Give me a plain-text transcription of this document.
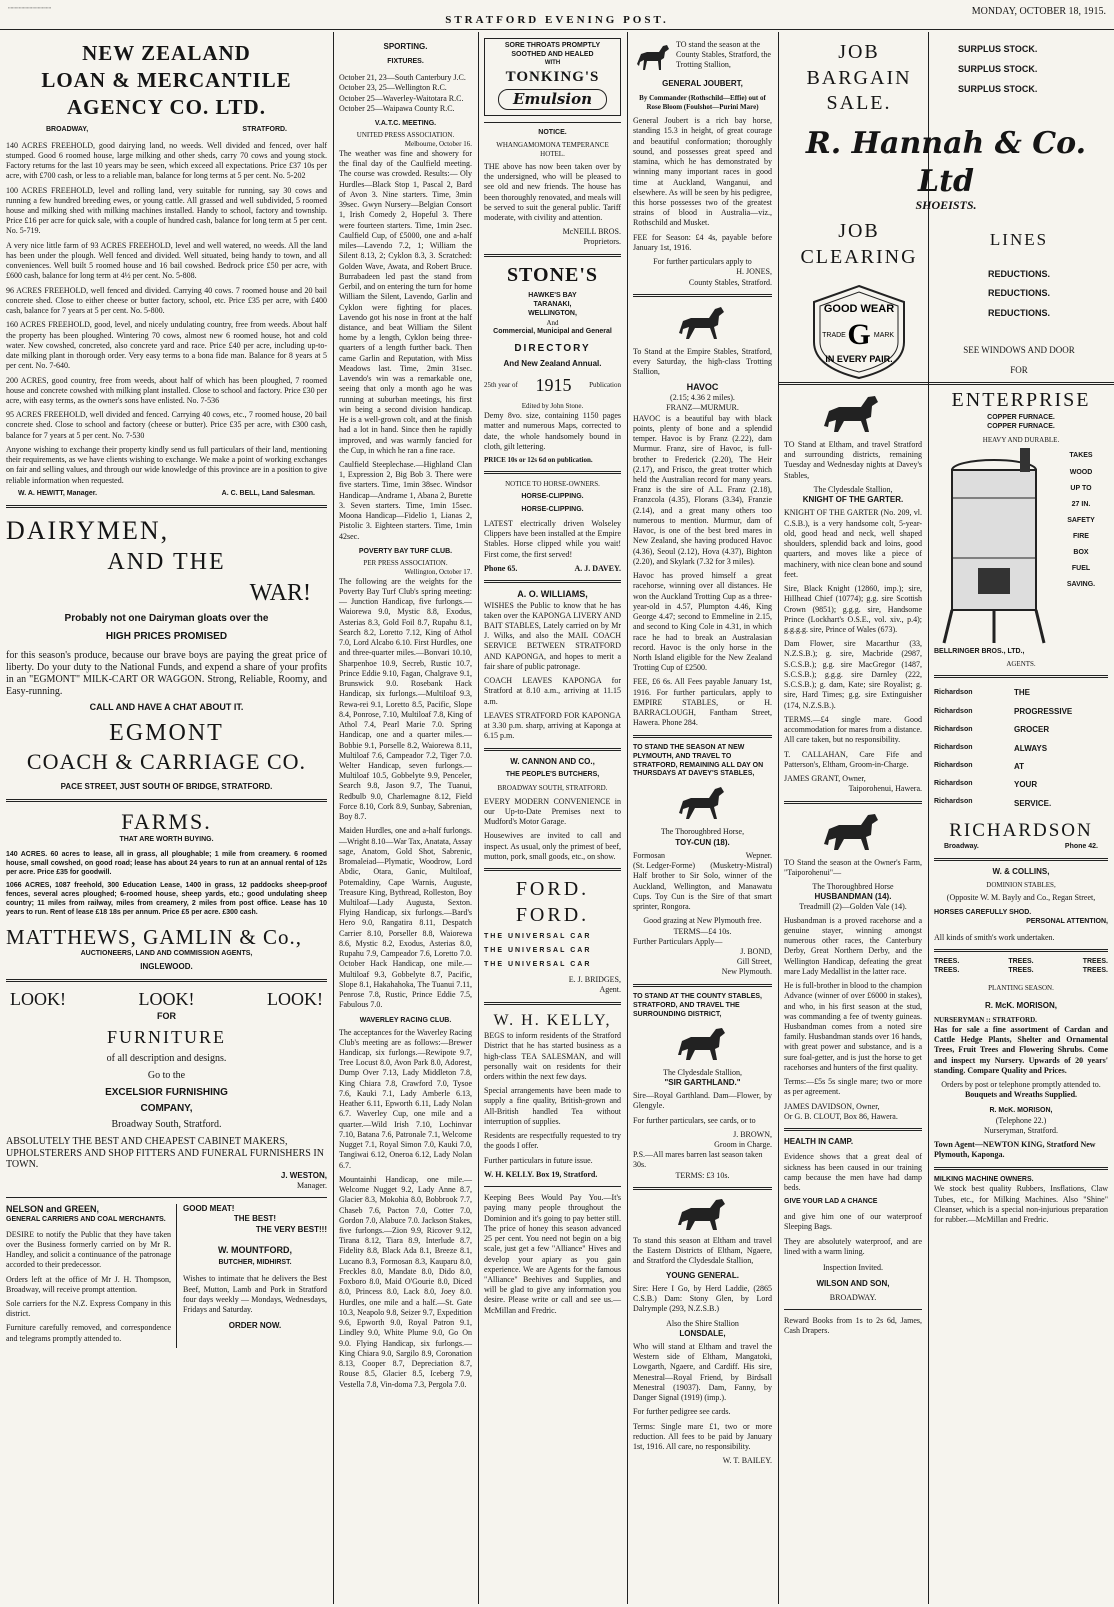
┈┈┈┈┈┈┈┈
STRATFORD EVENING POST.
MONDAY, OCTOBER 18, 1915.
NEW ZEALAND
LOAN & MERCANTILE
AGENCY CO. LTD.
BROADWAY,	STRATFORD.

140 ACRES FREEHOLD, good dairying land, no weeds. Well divided and fenced, over half stumped. Good 6 roomed house, large milking and other sheds, carry 70 cows and young stock. Factory returns for the last 10 years may be seen, which exceed all expectations. Price £37 10s per acre, with £700 cash, or less to a reliable man, balance for long terms at 5 per cent. No. 5-202

100 ACRES FREEHOLD, level and rolling land, very suitable for running, say 30 cows and running a few hundred breeding ewes, or young cattle. All grassed and well subdivided, 5 roomed house and milking shed with milking machines installed. Handy to school, factory and township. Price £16 per acre for quick sale, with a couple of hundred cash, balance for long term at 5 per cent. No. 5-719.

A very nice little farm of 93 ACRES FREEHOLD, level and well watered, no weeds. All the land has been under the plough. Well fenced and divided. Well situated, being handy to town, and all conveniences. Well built 5 roomed house and 16 bail cowshed. Bedrock price £50 per acre, with £600 cash, balance for long term at 4½ per cent. No. 5-808.

96 ACRES FREEHOLD, well fenced and divided. Carrying 40 cows. 7 roomed house and 20 bail concrete shed. Close to either cheese or butter factory, school, etc. Price £35 per acre, with £400 cash, balance for 7 years at 5 per cent. No. 5-800.

160 ACRES FREEHOLD, good, level, and nicely undulating country, free from weeds. About half the property has been ploughed. Wintering 70 cows, almost new 6 roomed house, hot and cold water. New cowshed, concreted, also concrete yard and race. Price £40 per acre, including up-to-date milking plant in thorough order. Very easy terms to a bona fide man. Balance for 8 years at 5 per cent. No. 7-640.

200 ACRES, good country, free from weeds, about half of which has been ploughed, 7 roomed house and concrete cowshed with milking plant installed. Close to school and factory. Price £30 per acre, with easy terms, as the owner's sons have enlisted. No. 7-536

95 ACRES FREEHOLD, well divided and fenced. Carrying 40 cows, etc., 7 roomed house, 20 bail concrete shed. Close to school and factory (cheese or butter). Price £35 per acre, with £300 cash, balance for 7 years at 5 per cent. No. 7-530

Anyone wishing to exchange their property kindly send us full particulars of their land, mentioning their requirements, as we have clients wishing to exchange. We make a point of working exchanges on fair and selling values, and through our wide knowledge of this province are in a position to give reliable information when requested.

W. A. HEWITT, Manager.	A. C. BELL, Land Salesman.
DAIRYMEN,
AND THE
WAR!
Probably not one Dairyman gloats over the
HIGH PRICES PROMISED

for this season's produce, because our brave boys are paying the great price of liberty. Do your duty to the National Funds, and expend a share of your profits in an "EGMONT" MILK-CART OR WAGGON. Strong, Reliable, Roomy, and Easy-running.

CALL AND HAVE A CHAT ABOUT IT.
EGMONT
COACH & CARRIAGE CO.
PACE STREET, JUST SOUTH OF BRIDGE, STRATFORD.
FARMS.
THAT ARE WORTH BUYING.

140 ACRES. 60 acres to lease, all in grass, all ploughable; 1 mile from creamery. 6 roomed house, small cowshed, on good road; lease has about 24 years to run at an annual rental of 12s per acre. Price £35 for goodwill.

1066 ACRES, 1087 freehold, 300 Education Lease, 1400 in grass, 12 paddocks sheep-proof fences, several acres ploughed; 6-roomed house, sheep yards, etc.; good undulating sheep country; 11 miles from railway, miles from creamery, 2 miles from post office. Lease has 10 years to run. Rent of lease £18 18s per annum. Price £5 per acre. £300 cash.

MATTHEWS, GAMLIN & Co.,
AUCTIONEERS, LAND AND COMMISSION AGENTS,
INGLEWOOD.
LOOK!	LOOK!	LOOK!
FOR
FURNITURE
of all description and designs.
Go to the
EXCELSIOR FURNISHING
COMPANY,
Broadway South, Stratford.
ABSOLUTELY THE BEST AND CHEAPEST CABINET MAKERS, UPHOLSTERERS AND SHOP FITTERS AND FUNERAL FURNISHERS IN TOWN.
J. WESTON,
Manager.
NELSON and GREEN,
GENERAL CARRIERS AND COAL MERCHANTS.

DESIRE to notify the Public that they have taken over the Business formerly carried on by Mr R. Handley, and solicit a continuance of the patronage accorded to their predecessor.

Orders left at the office of Mr J. H. Thompson, Broadway, will receive prompt attention.

Sole carriers for the N.Z. Express Company in this district.

Furniture carefully removed, and correspondence and telegrams promptly attended to.

GOOD MEAT!
THE BEST!
THE VERY BEST!!!
W. MOUNTFORD,
BUTCHER, MIDHIRST.

Wishes to intimate that he delivers the Best Beef, Mutton, Lamb and Pork in Stratford four days weekly — Mondays, Wednesdays, Fridays and Saturday.

ORDER NOW.
SPORTING.
FIXTURES.
October 21, 23—South Canterbury J.C.
October 23, 25—Wellington R.C.
October 25—Waverley-Waitotara R.C.
October 25—Waipawa County R.C.
V.A.T.C. MEETING.
UNITED PRESS ASSOCIATION.
Melbourne, October 16.

The weather was fine and showery for the final day of the Caulfield meeting. The course was crowded. Results:— Oly Hurdles—Black Stop 1, Pascal 2, Bard of Avon 3. Nine starters. Time, 3min 39sec. Gwyn Nursery—Belgian Consort 1, Irish Comedy 2, Hopeful 3. There were fourteen starters. Time, 1min 2sec. Caulfield Cup, of £5000, one and a-half miles—Lavendo 7.2, 1; William the Silent 8.13, 2; Cyklon 8.3, 3. Scratched: Golden Wave, Awata, and Robert Bruce. Burrabadeen led past the stand from Gerbil, and on entering the turn for home William the Silent, Lavendo, Garlin and Cyklon were fighting for places. Lavendo got his nose in front at the half distance, and beat William the Silent home by a length, Cyklon being three-quarters of a length further back. Then came Garlin and Reputation, with Miss Meadows last. Time, 2min 31sec. Lavendo's win was a remarkable one, seeing that only a month ago he was running at suburban meetings, his first win being a second division handicap. He is a well-grown colt, and at the finish had a lot in hand. Since then he rapidly improved, and was warmly fancied for the Cup, in which he ran a fine race.

Caulfield Steeplechase.—Highland Clan 1, Expression 2, Big Bob 3. There were five starters. Time, 1min 38sec. Windsor Handicap—Andrame 1, Abana 2, Burette 3. Seven starters. Time, 1min 15sec. Moona Handicap—Fidelio 1, Lianas 2, Pistolic 3. Eighteen starters. Time, 1min 42sec.

POVERTY BAY TURF CLUB.
PER PRESS ASSOCIATION.
Wellington, October 17.

The following are the weights for the Poverty Bay Turf Club's spring meeting:— Junction Handicap, five furlongs.—Waiorewa 9.0, Mystic 8.8, Exodus, Asterias 8.3, Gold Foil 8.7, Rupahu 8.1, Search 8.2, Loretto 7.12, King of Athol 7.0, Lord Alcabo 6.10. First Hurdles, one and three-quarter miles.—Bonvari 10.10, Sharpenhoe 10.9, Secreb, Rustic 10.7, Prince Eddie 9.10, Fagan, Chalgrave 9.1, Brunswick 9.0. Rosebank Hack Handicap, six furlongs.—Multiloaf 9.3, Rewa-rei 9.1, Loretto 8.5, Pacific, Slope 8.4, Ponrose, 7.10, Multiloaf 7.8, King of Athol 7.4, Pearl Marie 7.0. Spring Handicap, one and a quarter miles.—Bobbie 9.1, Porselle 8.2, Waiorewa 8.11, Multiloaf 7.6, Campeador 7.2, Tiger 7.0. Welter Handicap, seven furlongs.—Multiloaf 10.5, Gobbelyte 9.9, Penceler, Search 9.8, Jason 9.7, The Tuanui, Redbulb 9.0, Charlemagne 8.12, Field Force 8.10, Cork 8.9, Sunbay, Sabrenian, Boy 8.7.

Maiden Hurdles, one and a-half furlongs.—Wright 8.10—War Tax, Anatata, Assay sage, Anatom, Gold Shot, Sabrenic, Bromaleiad—Plymatic, Woodrow, Lord Abdic, Otara, Ganic, Multiloaf, Potemaldiny, Cape Warnis, Auguste, Treasure King, Bythread, Rolleston, Boy Multiloaf—Lady Augusta, Sexton. Flying Handicap, six furlongs.—Bard's Hero 9.0, Rangatira 8.11, Despatch Carrier 8.10, Porseller 8.8, Waiorewa 8.6, Mystic 8.2, Exodus, Asterias 8.0, Rupahu 7.9, Campeador 7.6, Loretto 7.0. October Hack Handicap, one mile.—Multiloaf 9.3, Gobbelyte 8.7, Pacific, Slope 8.1, Hakahahoka, The Tuanui 7.11, Penrose 7.8, Rustic, Prince Eddie 7.5, Fabulous 7.0.

WAVERLEY RACING CLUB.

The acceptances for the Waverley Racing Club's meeting are as follows:—Brewer Handicap, six furlongs.—Rewipote 9.7, Tree Locust 8.0, Avon Park 8.0, Adorest, Dump Over 7.13, Lady Middleton 7.8, King Chiara 7.8, Crawford 7.0, Tysoe 7.6, Kauki 7.1, Lady Amberle 6.13, Heather 6.11, Epworth 6.11, Lady Nolan 6.7. Waverley Cup, one mile and a quarter.—Wild Irish 7.10, Lochinvar 7.10, Batana 7.6, Patronale 7.1, Welcome Nugget 7.1, Royal Simon 7.0, Kauki 7.0, Tangiwai 6.12, Oneroa 6.12, Lady Nolan 6.7.

Mountainhi Handicap, one mile.—Welcome Nugget 9.2, Lady Anne 8.7, Glacier 8.3, Mokohia 8.0, Bobbrook 7.7, Chaseb 7.6, Pacton 7.0, Cotter 7.0, Gordon 7.0, Alabuce 7.0. Jackson Stakes, five furlongs.—Zion 9.9, Ricover 9.12, Tirana 8.12, Tiara 8.9, Interlude 8.7, Fidelity 8.8, Black Ada 8.1, Breeze 8.1, Lucano 8.3, Formosan 8.3, Kauparu 8.0, Freckles 8.0, Mandate 8.0, Dido 8.0, Foxboro 8.0, Maid O'Gourie 8.0, Diced 8.0, Princess 8.0, Lack 8.0, Joey 8.0. Hurdles, one mile and a half.—St. Gate 10.3, Neapolo 9.8, Seizer 9.7, Expedition 9.6, Epworth 9.0, Royal Patron 9.1, Lindley 9.0, White Plume 9.0, Go On 9.0. Flying Handicap, six furlongs.—King Chiara 9.0, Sargilo 8.9, Coronation 8.13, Cooper 8.7, Depreciation 8.7, Rouse 8.5, Glacier 8.5, Iceberg 7.9, Vestella 7.8, Vin-doma 7.3, Pergola 7.0.

SORE THROATS PROMPTLY
SOOTHED AND HEALED
WITH
TONKING'S
Emulsion
NOTICE.
WHANGAMOMONA TEMPERANCE HOTEL.

THE above has now been taken over by the undersigned, who will be pleased to see old and new friends. The house has been thoroughly renovated, and meals will be served to suit the general public. Tariff moderate, with civility and attention.

McNEILL BROS.
Proprietors.
STONE'S
HAWKE'S BAY
TARANAKI,
WELLINGTON,
And
Commercial, Municipal and General
DIRECTORY
And New Zealand Annual.
25th year of 1915	Publication
Edited by John Stone.

Demy 8vo. size, containing 1150 pages matter and numerous Maps, corrected to date, the whole handsomely bound in cloth, gilt lettering.

PRICE 10s or 12s 6d on publication.
NOTICE TO HORSE-OWNERS.
HORSE-CLIPPING.
HORSE-CLIPPING.

LATEST electrically driven Wolseley Clippers have been installed at the Empire Stables. Horse clipped while you wait! First come, the first served!

Phone 65.	A. J. DAVEY.
A. O. WILLIAMS,

WISHES the Public to know that he has taken over the KAPONGA LIVERY AND BAIT STABLES, Lately carried on by Mr J. Wilks, and also the MAIL COACH SERVICE BETWEEN STRATFORD AND KAPONGA, and hopes to merit a fair share of public patronage.

COACH LEAVES KAPONGA for Stratford at 8.10 a.m., arriving at 11.15 a.m.

LEAVES STRATFORD FOR KAPONGA at 3.30 p.m. sharp, arriving at Kaponga at 6.15 p.m.

W. CANNON AND CO.,
THE PEOPLE'S BUTCHERS,
BROADWAY SOUTH, STRATFORD.

EVERY MODERN CONVENIENCE in our Up-to-Date Premises next to Mudford's Motor Garage.

Housewives are invited to call and inspect. As usual, only the primest of beef, mutton, pork, small goods, etc., on show.

FORD.
FORD.
THE UNIVERSAL CAR
THE UNIVERSAL CAR
THE UNIVERSAL CAR
E. J. BRIDGES,
Agent.
W. H. KELLY,

BEGS to inform residents of the Stratford District that he has started business as a high-class TEA SALESMAN, and will personally wait on residents for their orders within the next few days.

Special arrangements have been made to supply a fine quality, British-grown and All-British handled Tea without interruption of supplies.

Residents are respectfully requested to try the goods I offer.

Further particulars in future issue.

W. H. KELLY. Box 19, Stratford.

Keeping Bees Would Pay You.—It's paying many people throughout the Dominion and it's going to pay better still. The price of honey this season advanced 25 per cent. You need not begin on a big scale, just get a few "Alliance" Hives and develop your apiary as you gain experience. We are Agents for the famous "Alliance" Beehives and Supplies, and will be glad to give any information you desire. Please write or call and see us.—McMillan and Fredric.

TO stand the season at the County Stables, Stratford, the Trotting Stallion,
GENERAL JOUBERT,
By Commander (Rothschild—Effie) out of Rose Bloom (Foulshot—Purini Mare)

General Joubert is a rich bay horse, standing 15.3 in height, of great courage and beautiful conformation; thoroughly sound, and possesses great speed and stamina, which he has demonstrated by winning many important races in good time at Auckland, Wanganui, and elsewhere. As will be seen by his pedigree, this horse possesses two of the greatest strains of blood in Australia—viz., Rothschild and Musket.

FEE for Season: £4 4s, payable before January 1st, 1916.

For further particulars apply to
H. JONES,
County Stables, Stratford.

To Stand at the Empire Stables, Stratford, every Saturday, the high-class Trotting Stallion,

HAVOC
(2.15; 4.36 2 miles).
FRANZ—MURMUR.

HAVOC is a beautiful bay with black points, plenty of bone and a splendid temper. Havoc is by Franz (2.22), dam Murmur. Franz, sire of Havoc, is full-brother to Frederick (2.20), The Heir (2.17), and Frisco, the great trotter which held the Australian record for many years. Franz is the sire of A.L. Franz (2.18), Franzcola (4.35), Florans (3.34), Franzie (2.14), and a great many others too numerous to mention. Murmur, dam of Havoc, is one of the best bred mares in New Zealand, she having produced Havoc (4.36), Seoul (2.12), Hova (4.37), Bighton (2.20), and Skylark (7.32 for 3 miles).

Havoc has proved himself a great racehorse, winning over all distances. He won the Auckland Trotting Cup as a three-year-old in 4.57, Plumpton 4.46, King George 4.47; second to Emmeline in 2.15, and second to King Cole in 4.31, in which race he had to break an Australasian record. Havoc is the only horse in the North Island eligible for the New Zealand Trotting Cup of £2500.

FEE, £6 6s. All Fees payable January 1st, 1916. For further particulars, apply to EMPIRE STABLES, or H. BARRACLOUGH, Fantham Street, Hawera. Phone 284.

TO STAND THE SEASON AT NEW PLYMOUTH, AND TRAVEL TO STRATFORD, REMAINING ALL DAY ON THURSDAYS AT DAVEY'S STABLES,
The Thoroughbred Horse,
TOY-CUN (18).
Formosan	Wepner.
(St. Ledger-Forme) (Musketry-Mistral)

Half brother to Sir Solo, winner of the Auckland, Wellington, and Manawatu Cups. Toy Cun is the Sire of that smart sprinter, Rongora.

Good grazing at New Plymouth free.
TERMS—£4 10s.
Further Particulars Apply—
J. BOND,
Gill Street,
New Plymouth.
TO STAND AT THE COUNTY STABLES, STRATFORD, AND TRAVEL THE SURROUNDING DISTRICT,
The Clydesdale Stallion,
"SIR GARTHLAND."

Sire—Royal Garthland. Dam—Flower, by Glengyle.

For further particulars, see cards, or to

J. BROWN,
Groom in Charge.
P.S.—All mares barren last season taken 30s.
TERMS: £3 10s.

To stand this season at Eltham and travel the Eastern Districts of Eltham, Ngaere, and Stratford the Clydesdale Stallion,

YOUNG GENERAL.

Sire: Here I Go, by Herd Laddie, (2865 C.S.B.) Dam: Stony Glen, by Lord Dalrymple (293, N.Z.S.B.)

Also the Shire Stallion
LONSDALE,

Who will stand at Eltham and travel the Western side of Eltham, Mangatoki, Lowgarth, Ngaere, and Cardiff. His sire, Menestral—Royal Friend, by Birdsall Menestral (19037). Dam, Fanny, by Danger Signal (1919) (imp.).

For further pedigree see cards.

Terms: Single mare £1, two or more reduction. All fees to be paid by January 1st, 1916. All care, no responsibility.

W. T. BAILEY.
JOB BARGAIN
SALE.
SURPLUS STOCK.
SURPLUS STOCK.
SURPLUS STOCK.
R. Hannah & Co. Ltd
SHOEISTS.
JOB
CLEARING
GOOD WEAR
G
TRADE	MARK
IN EVERY PAIR.
LINES
REDUCTIONS.
REDUCTIONS.
REDUCTIONS.
SEE WINDOWS AND DOOR
FOR

TO Stand at Eltham, and travel Stratford and surrounding districts, remaining Tuesday and Wednesday nights at Davey's Stables,

The Clydesdale Stallion,
KNIGHT OF THE GARTER.

KNIGHT OF THE GARTER (No. 209, vl. C.S.B.), is a very handsome colt, 5-year-old, good head and neck, well shaped shoulders, splendid back and loins, good quarters, and moves like a piece of machinery, with nice clean bone and sound feet.

Sire, Black Knight (12860, imp.); sire, Hillhead Chief (10774); g.g. sire Scottish Crown (9851); g.g.g. sire, Handsome Prince (Lockhart's O.S.E., vol. xiv., p.4); g.g.g.g. sire, Prince of Wales (673).

Dam Flower, sire Macarthur (33, N.Z.S.B.); g. sire, Macbride (2987, S.C.S.B.); g.g. sire MacGregor (1487, S.C.S.B.); g.g.g. sire Darnley (222, S.C.S.B.); g. dam, Kate; sire Royalist; g. sire, Hard Times; g.g. sire Extinguisher (174, N.Z.S.B.).

TERMS.—£4 single mare. Good accommodation for mares from a distance. All care taken, but no responsibility.

T. CALLAHAN, Care Fife and Patterson's, Eltham, Groom-in-Charge.

JAMES GRANT, Owner,
Taiporohenui, Hawera.

TO Stand the season at the Owner's Farm, "Taiporohenui"—

The Thoroughbred Horse
HUSBANDMAN (14).
Treadmill (2)—Golden Vale (14).

Husbandman is a proved racehorse and a genuine stayer, winning amongst numerous other races, the Canterbury Derby, Great Northern Derby, and the Wellington Handicap, defeating the great mare Lady Medallist in the latter race.

He is full-brother in blood to the champion Advance (winner of over £6000 in stakes), and who, in his first season at the stud, was commanding a fee of twenty guineas. Husbandman comes from a noted sire family. Husbandman stands over 16 hands, with great power and substance, and is a sure foal-getter, and is just the horse to get racehorses and hunters of the first quality.

Terms:—£5s 5s single mare; two or more as per agreement.

JAMES DAVIDSON, Owner,
Or G. B. CLOUT, Box 86, Hawera.
HEALTH IN CAMP.

Evidence shows that a great deal of sickness has been caused in our training camp because the men have had damp beds.

GIVE YOUR LAD A CHANCE

and give him one of our waterproof Sleeping Bags.

They are absolutely waterproof, and are lined with a warm lining.

Inspection Invited.
WILSON AND SON,
BROADWAY.

Reward Books from 1s to 2s 6d, James, Cash Drapers.

ENTERPRISE
COPPER FURNACE.
COPPER FURNACE.
HEAVY AND DURABLE.
TAKES
WOOD
UP TO
27 IN.
SAFETY
FIRE
BOX
FUEL
SAVING.
BELLRINGER BROS., LTD.,
AGENTS.
Richardson
Richardson
Richardson
Richardson
Richardson
Richardson
Richardson
THE
PROGRESSIVE
GROCER
ALWAYS
AT
YOUR
SERVICE.
RICHARDSON
Broadway.	Phone 42.
W. & COLLINS,
DOMINION STABLES,
(Opposite W. M. Bayly and Co., Regan Street,
HORSES CAREFULLY SHOD.
PERSONAL ATTENTION,
All kinds of smith's work undertaken.
TREES.	TREES.	TREES.
TREES.	TREES.	TREES.
PLANTING SEASON.
R. McK. MORISON,
NURSERYMAN :: STRATFORD.

Has for sale a fine assortment of Cardan and Cattle Hedge Plants, Shelter and Ornamental Trees, Fruit Trees and Flowering Shrubs. Come and inspect my Nursery. Upwards of 20 years' standing. Compare Quality and Prices.

Orders by post or telephone promptly attended to.
Bouquets and Wreaths Supplied.
R. McK. MORISON,
(Telephone 22.)
Nurseryman, Stratford.
Town Agent—NEWTON KING, Stratford New Plymouth, Kaponga.
MILKING MACHINE OWNERS.

We stock best quality Rubbers, Insflations, Claw Tubes, etc., for Milking Machines. Also "Shine" Cleanser, which is a special non-injurious preparation for rubber.—McMillan and Fredric.
